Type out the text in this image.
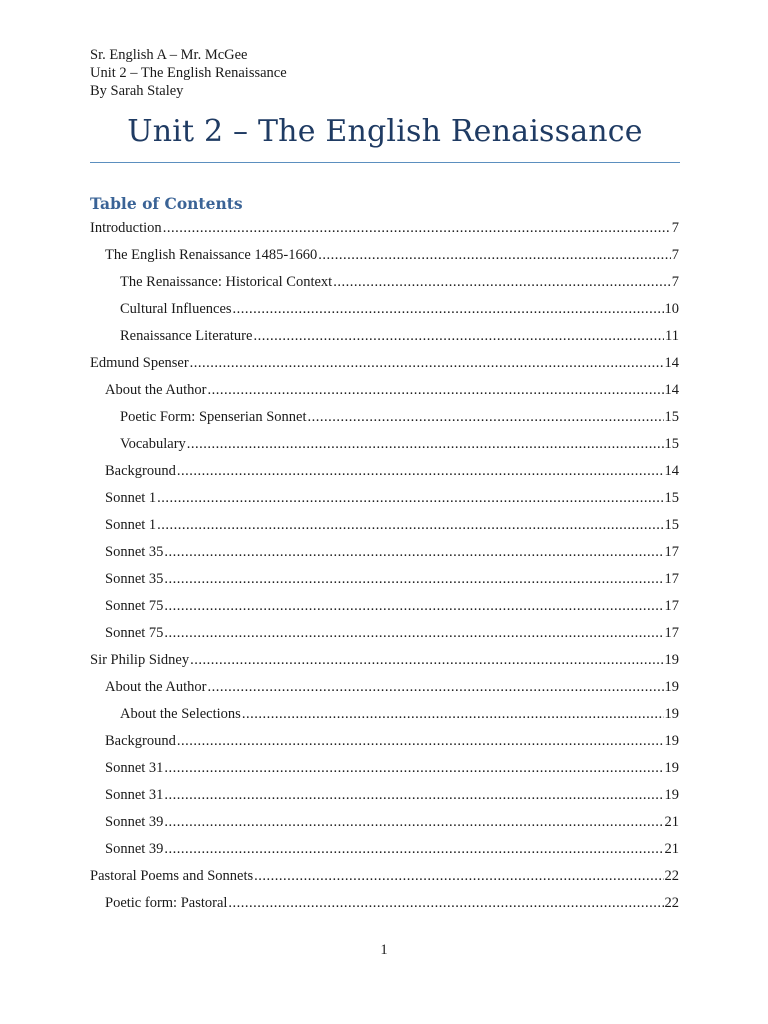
Sr. English A – Mr. McGee
Unit 2 – The English Renaissance
By Sarah Staley
Unit 2 – The English Renaissance
Table of Contents
Introduction .....	7
The English Renaissance 1485-1660 .....	7
The Renaissance: Historical Context .....	7
Cultural Influences .....	10
Renaissance Literature .....	11
Edmund Spenser .....	14
About the Author .....	14
Poetic Form: Spenserian Sonnet .....	15
Vocabulary .....	15
Background .....	14
Sonnet 1 .....	15
Sonnet 1 .....	15
Sonnet 35 .....	17
Sonnet 35 .....	17
Sonnet 75 .....	17
Sonnet 75 .....	17
Sir Philip Sidney .....	19
About the Author .....	19
About the Selections .....	19
Background .....	19
Sonnet 31 .....	19
Sonnet 31 .....	19
Sonnet 39 .....	21
Sonnet 39 .....	21
Pastoral Poems and Sonnets .....	22
Poetic form: Pastoral .....	22
1
